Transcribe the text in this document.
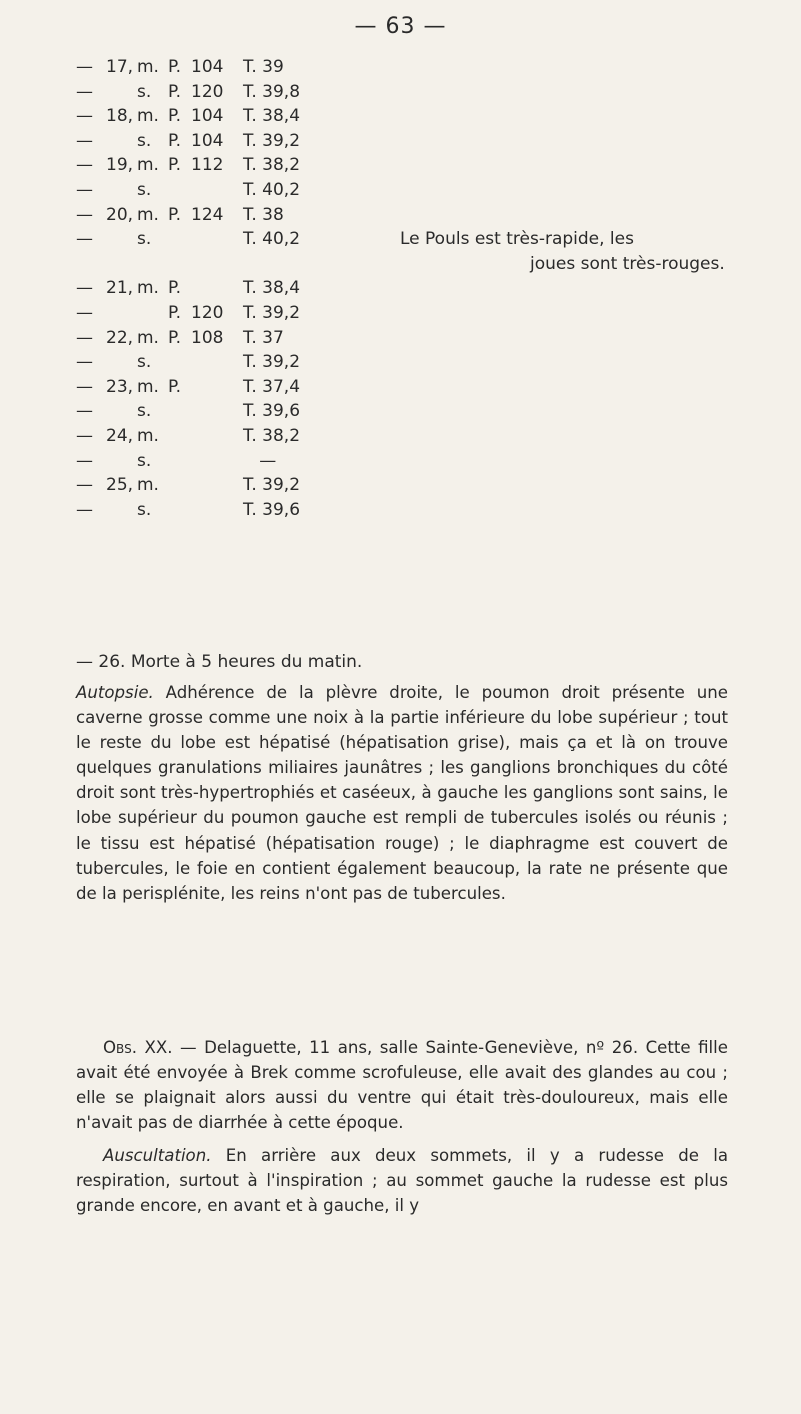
— 63 —
— 17, m. P. 104 T. 39
—	s. P. 120 T. 39,8
— 18, m. P. 104 T. 38,4
—	s. P. 104 T. 39,2
— 19, m. P. 112 T. 38,2
—	s.	T. 40,2
— 20, m. P. 124 T. 38
—	s.	T. 40,2	Le Pouls est très-rapide, les
joues sont très-rouges.
— 21, m. P.	T. 38,4
—	P. 120 T. 39,2
— 22, m. P. 108 T. 37
—	s.	T. 39,2
— 23, m. P.	T. 37,4
—	s.	T. 39,6
— 24, m.	T. 38,2
—	s.	—
— 25, m.	T. 39,2
—	s.	T. 39,6
— 26. Morte à 5 heures du matin.
Autopsie. Adhérence de la plèvre droite, le poumon droit présente une caverne grosse comme une noix à la partie inférieure du lobe supérieur ; tout le reste du lobe est hépatisé (hépatisation grise), mais ça et là on trouve quelques granulations miliaires jaunâtres ; les ganglions bronchiques du côté droit sont très-hypertrophiés et caséeux, à gauche les ganglions sont sains, le lobe supérieur du poumon gauche est rempli de tubercules isolés ou réunis ; le tissu est hépatisé (hépatisation rouge) ; le diaphragme est couvert de tubercules, le foie en contient également beaucoup, la rate ne présente que de la perisplénite, les reins n'ont pas de tubercules.
Obs. XX. — Delaguette, 11 ans, salle Sainte-Geneviève, nº 26. Cette fille avait été envoyée à Brek comme scrofuleuse, elle avait des glandes au cou ; elle se plaignait alors aussi du ventre qui était très-douloureux, mais elle n'avait pas de diarrhée à cette époque.
Auscultation. En arrière aux deux sommets, il y a rudesse de la respiration, surtout à l'inspiration ; au sommet gauche la rudesse est plus grande encore, en avant et à gauche, il y
